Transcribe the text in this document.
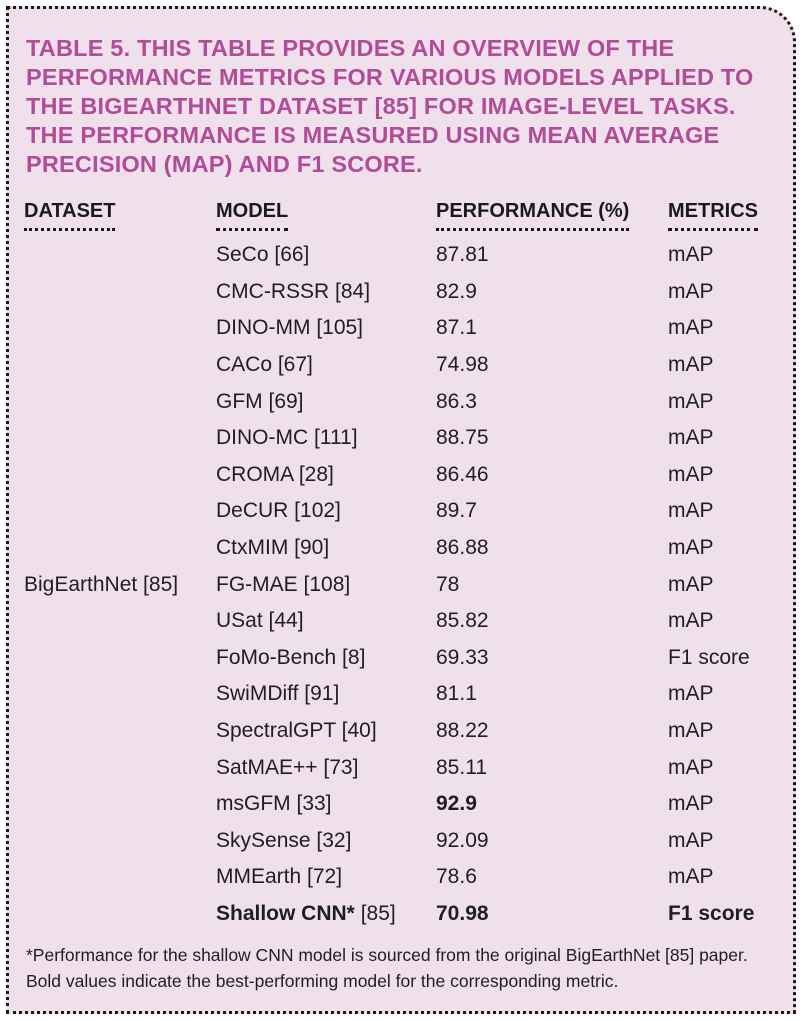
TABLE 5. THIS TABLE PROVIDES AN OVERVIEW OF THE PERFORMANCE METRICS FOR VARIOUS MODELS APPLIED TO THE BIGEARTHNET DATASET [85] FOR IMAGE-LEVEL TASKS. THE PERFORMANCE IS MEASURED USING MEAN AVERAGE PRECISION (MAP) AND F1 SCORE.

DATASET	MODEL	PERFORMANCE (%)	METRICS
	SeCo [66]	87.81	mAP
	CMC-RSSR [84]	82.9	mAP
	DINO-MM [105]	87.1	mAP
	CACo [67]	74.98	mAP
	GFM [69]	86.3	mAP
	DINO-MC [111]	88.75	mAP
	CROMA [28]	86.46	mAP
	DeCUR [102]	89.7	mAP
	CtxMIM [90]	86.88	mAP
BigEarthNet [85]	FG-MAE [108]	78	mAP
	USat [44]	85.82	mAP
	FoMo-Bench [8]	69.33	F1 score
	SwiMDiff [91]	81.1	mAP
	SpectralGPT [40]	88.22	mAP
	SatMAE++ [73]	85.11	mAP
	msGFM [33]	92.9	mAP
	SkySense [32]	92.09	mAP
	MMEarth [72]	78.6	mAP
	Shallow CNN* [85]	70.98	F1 score

*Performance for the shallow CNN model is sourced from the original BigEarthNet [85] paper. Bold values indicate the best-performing model for the corresponding metric.
